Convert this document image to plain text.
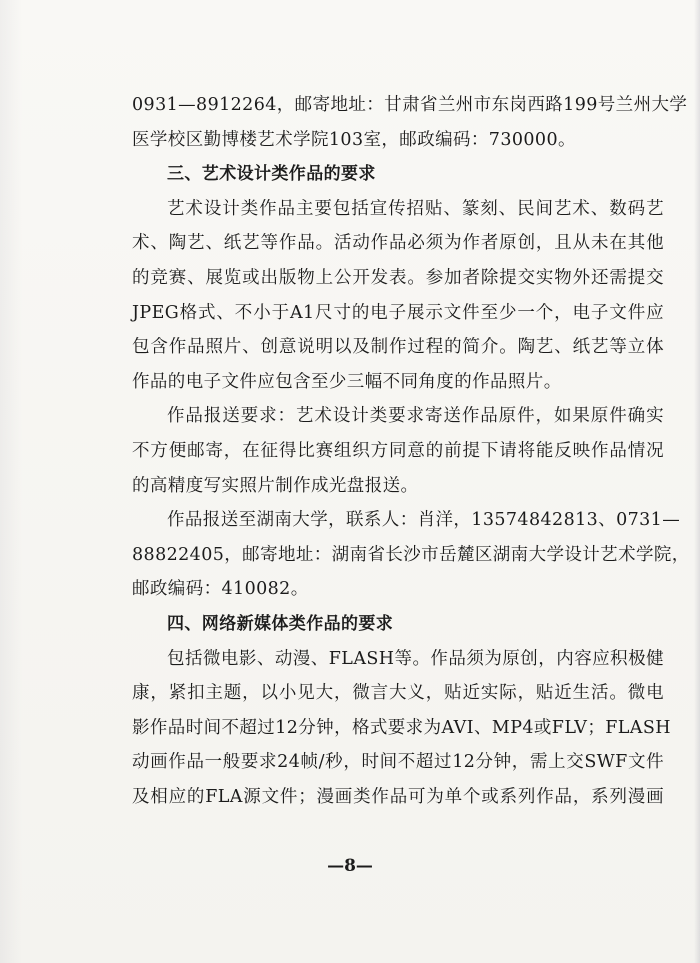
0931—8912264，邮寄地址：甘肃省兰州市东岗西路199号兰州大学
医学校区勤博楼艺术学院103室，邮政编码：730000。
三、艺术设计类作品的要求
艺术设计类作品主要包括宣传招贴、篆刻、民间艺术、数码艺
术、陶艺、纸艺等作品。活动作品必须为作者原创，且从未在其他
的竞赛、展览或出版物上公开发表。参加者除提交实物外还需提交
JPEG格式、不小于A1尺寸的电子展示文件至少一个，电子文件应
包含作品照片、创意说明以及制作过程的简介。陶艺、纸艺等立体
作品的电子文件应包含至少三幅不同角度的作品照片。
作品报送要求：艺术设计类要求寄送作品原件，如果原件确实
不方便邮寄，在征得比赛组织方同意的前提下请将能反映作品情况
的高精度写实照片制作成光盘报送。
作品报送至湖南大学，联系人：肖洋，13574842813、0731—
88822405，邮寄地址：湖南省长沙市岳麓区湖南大学设计艺术学院，
邮政编码：410082。
四、网络新媒体类作品的要求
包括微电影、动漫、FLASH等。作品须为原创，内容应积极健
康，紧扣主题，以小见大，微言大义，贴近实际，贴近生活。微电
影作品时间不超过12分钟，格式要求为AVI、MP4或FLV；FLASH
动画作品一般要求24帧/秒，时间不超过12分钟，需上交SWF文件
及相应的FLA源文件；漫画类作品可为单个或系列作品，系列漫画
—8—
